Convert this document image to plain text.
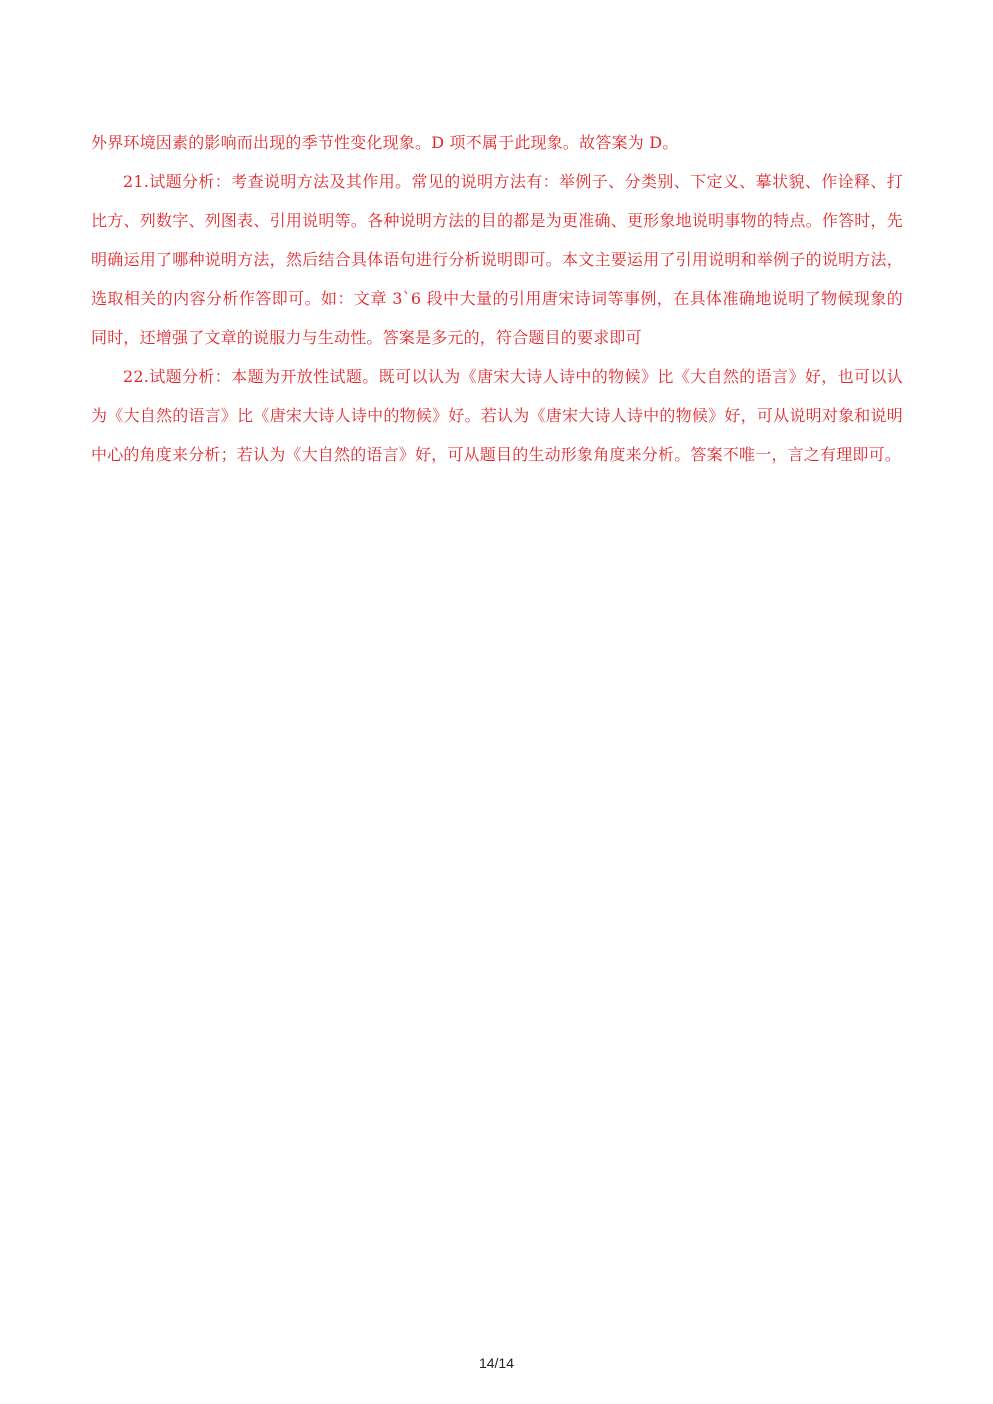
外界环境因素的影响而出现的季节性变化现象。D 项不属于此现象。故答案为 D。

21.试题分析：考查说明方法及其作用。常见的说明方法有：举例子、分类别、下定义、摹状貌、作诠释、打比方、列数字、列图表、引用说明等。各种说明方法的目的都是为更准确、更形象地说明事物的特点。作答时，先明确运用了哪种说明方法，然后结合具体语句进行分析说明即可。本文主要运用了引用说明和举例子的说明方法，选取相关的内容分析作答即可。如：文章 3`6 段中大量的引用唐宋诗词等事例，在具体准确地说明了物候现象的同时，还增强了文章的说服力与生动性。答案是多元的，符合题目的要求即可

22.试题分析：本题为开放性试题。既可以认为《唐宋大诗人诗中的物候》比《大自然的语言》好，也可以认为《大自然的语言》比《唐宋大诗人诗中的物候》好。若认为《唐宋大诗人诗中的物候》好，可从说明对象和说明中心的角度来分析；若认为《大自然的语言》好，可从题目的生动形象角度来分析。答案不唯一，言之有理即可。

14/14
